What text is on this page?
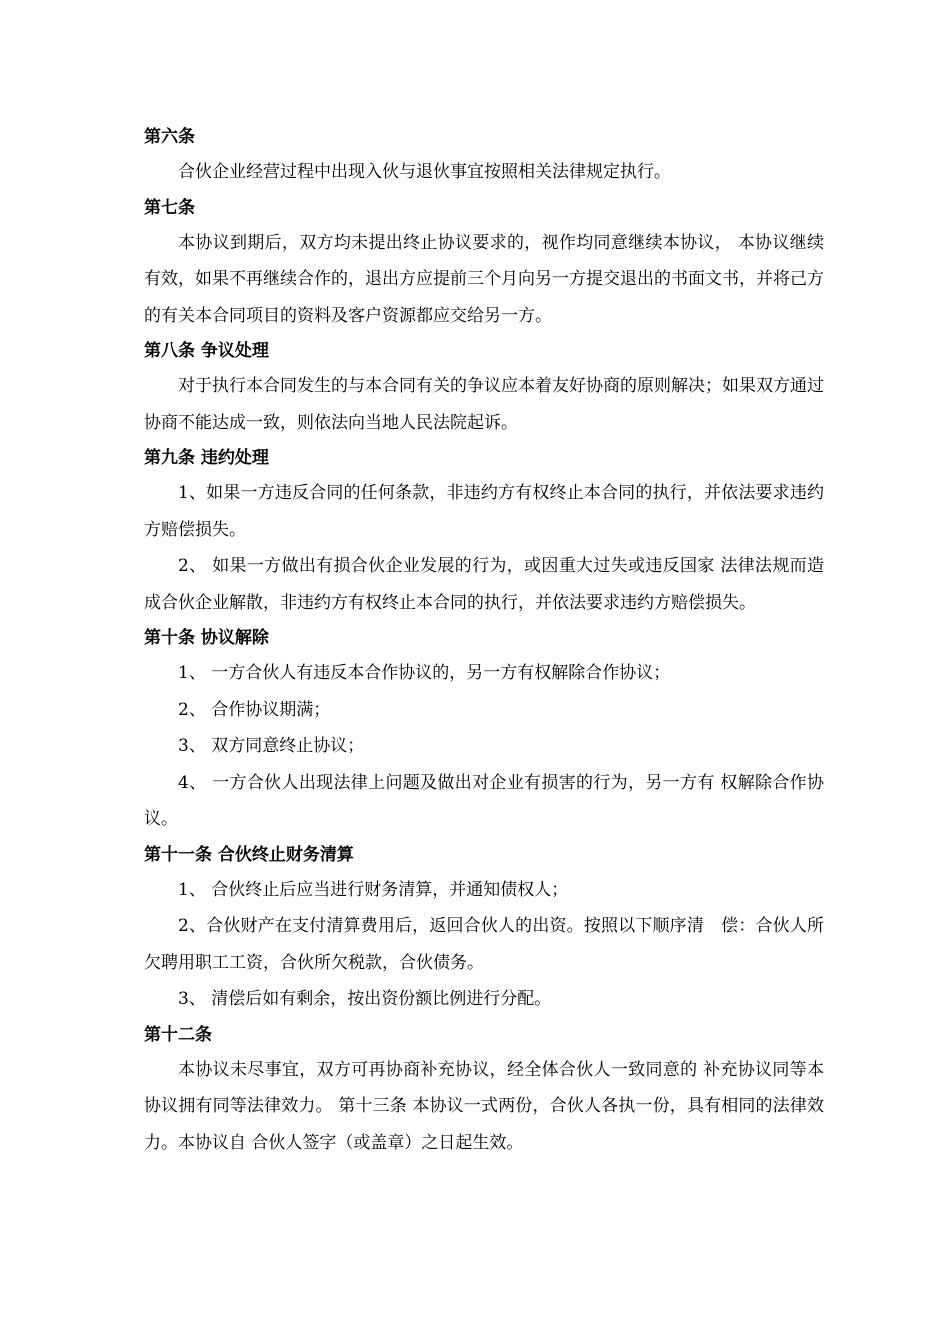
第六条

合伙企业经营过程中出现入伙与退伙事宜按照相关法律规定执行。

第七条

本协议到期后，双方均未提出终止协议要求的，视作均同意继续本协议， 本协议继续有效，如果不再继续合作的，退出方应提前三个月向另一方提交退出的书面文书，并将己方的有关本合同项目的资料及客户资源都应交给另一方。

第八条 争议处理

对于执行本合同发生的与本合同有关的争议应本着友好协商的原则解决；如果双方通过协商不能达成一致，则依法向当地人民法院起诉。

第九条 违约处理

1、如果一方违反合同的任何条款，非违约方有权终止本合同的执行，并依法要求违约方赔偿损失。

2、 如果一方做出有损合伙企业发展的行为，或因重大过失或违反国家 法律法规而造成合伙企业解散，非违约方有权终止本合同的执行，并依法要求违约方赔偿损失。

第十条 协议解除

1、 一方合伙人有违反本合作协议的，另一方有权解除合作协议；

2、 合作协议期满；

3、 双方同意终止协议；

4、 一方合伙人出现法律上问题及做出对企业有损害的行为，另一方有 权解除合作协议。

第十一条 合伙终止财务清算

1、 合伙终止后应当进行财务清算，并通知债权人；

2、合伙财产在支付清算费用后，返回合伙人的出资。按照以下顺序清　偿：合伙人所欠聘用职工工资，合伙所欠税款，合伙债务。

3、 清偿后如有剩余，按出资份额比例进行分配。

第十二条

本协议未尽事宜，双方可再协商补充协议，经全体合伙人一致同意的 补充协议同等本协议拥有同等法律效力。 第十三条 本协议一式两份，合伙人各执一份，具有相同的法律效力。本协议自 合伙人签字（或盖章）之日起生效。
